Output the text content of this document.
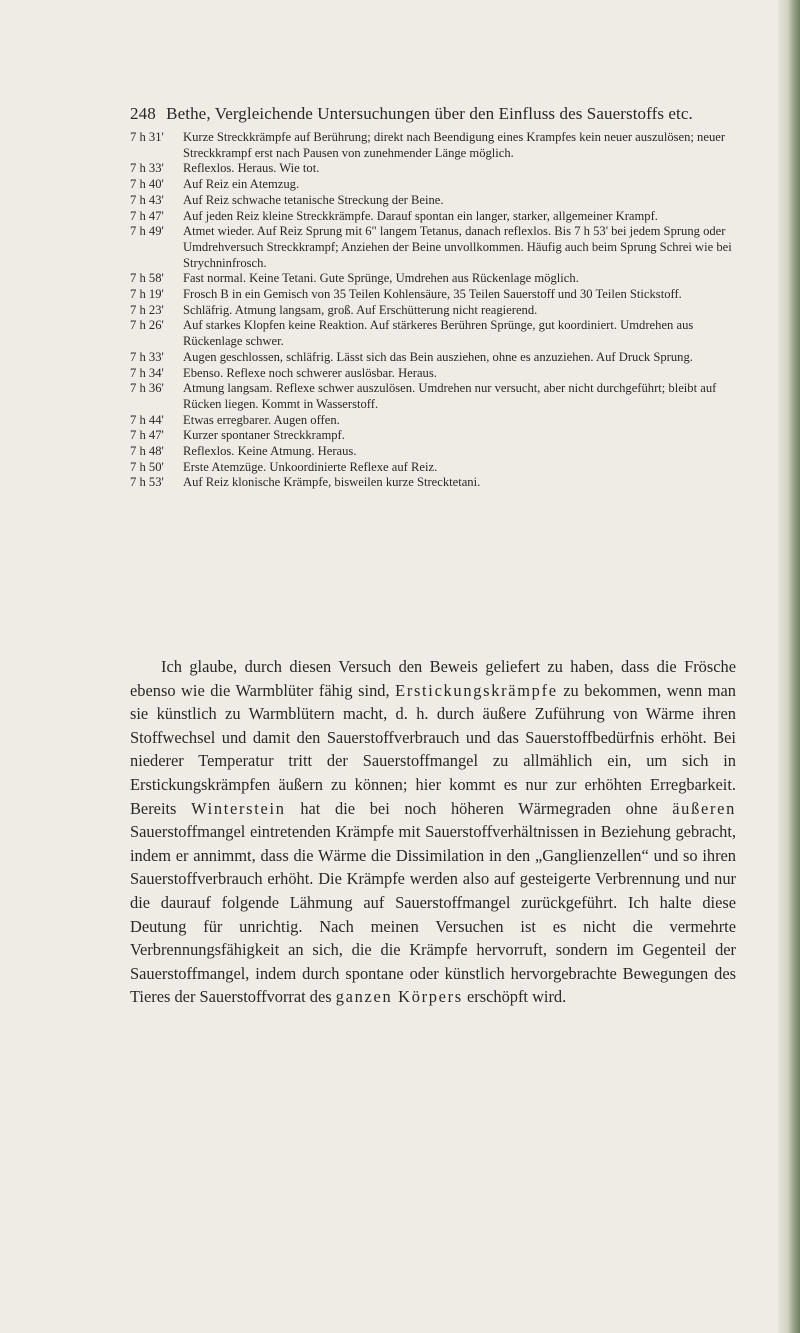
248 Bethe, Vergleichende Untersuchungen über den Einfluss des Sauerstoffs etc.
7 h 31'	Kurze Streckkrämpfe auf Berührung; direkt nach Beendigung eines Krampfes kein neuer auszulösen; neuer Streckkrampf erst nach Pausen von zunehmender Länge möglich.
7 h 33'	Reflexlos. Heraus. Wie tot.
7 h 40'	Auf Reiz ein Atemzug.
7 h 43'	Auf Reiz schwache tetanische Streckung der Beine.
7 h 47'	Auf jeden Reiz kleine Streckkrämpfe. Darauf spontan ein langer, starker, allgemeiner Krampf.
7 h 49'	Atmet wieder. Auf Reiz Sprung mit 6" langem Tetanus, danach reflexlos. Bis 7 h 53' bei jedem Sprung oder Umdrehversuch Streckkrampf; Anziehen der Beine unvollkommen. Häufig auch beim Sprung Schrei wie bei Strychninfrosch.
7 h 58'	Fast normal. Keine Tetani. Gute Sprünge, Umdrehen aus Rückenlage möglich.
7 h 19'	Frosch B in ein Gemisch von 35 Teilen Kohlensäure, 35 Teilen Sauerstoff und 30 Teilen Stickstoff.
7 h 23'	Schläfrig. Atmung langsam, groß. Auf Erschütterung nicht reagierend.
7 h 26'	Auf starkes Klopfen keine Reaktion. Auf stärkeres Berühren Sprünge, gut koordiniert. Umdrehen aus Rückenlage schwer.
7 h 33'	Augen geschlossen, schläfrig. Lässt sich das Bein ausziehen, ohne es anzuziehen. Auf Druck Sprung.
7 h 34'	Ebenso. Reflexe noch schwerer auslösbar. Heraus.
7 h 36'	Atmung langsam. Reflexe schwer auszulösen. Umdrehen nur versucht, aber nicht durchgeführt; bleibt auf Rücken liegen. Kommt in Wasserstoff.
7 h 44'	Etwas erregbarer. Augen offen.
7 h 47'	Kurzer spontaner Streckkrampf.
7 h 48'	Reflexlos. Keine Atmung. Heraus.
7 h 50'	Erste Atemzüge. Unkoordinierte Reflexe auf Reiz.
7 h 53'	Auf Reiz klonische Krämpfe, bisweilen kurze Strecktetani.

Ich glaube, durch diesen Versuch den Beweis geliefert zu haben, dass die Frösche ebenso wie die Warmblüter fähig sind, Erstickungskrämpfe zu bekommen, wenn man sie künstlich zu Warmblütern macht, d. h. durch äußere Zuführung von Wärme ihren Stoffwechsel und damit den Sauerstoffverbrauch und das Sauerstoffbedürfnis erhöht. Bei niederer Temperatur tritt der Sauerstoffmangel zu allmählich ein, um sich in Erstickungskrämpfen äußern zu können; hier kommt es nur zur erhöhten Erregbarkeit. Bereits Winterstein hat die bei noch höheren Wärmegraden ohne äußeren Sauerstoffmangel eintretenden Krämpfe mit Sauerstoffverhältnissen in Beziehung gebracht, indem er annimmt, dass die Wärme die Dissimilation in den „Ganglienzellen“ und so ihren Sauerstoffverbrauch erhöht. Die Krämpfe werden also auf gesteigerte Verbrennung und nur die daurauf folgende Lähmung auf Sauerstoffmangel zurückgeführt. Ich halte diese Deutung für unrichtig. Nach meinen Versuchen ist es nicht die vermehrte Verbrennungsfähigkeit an sich, die die Krämpfe hervorruft, sondern im Gegenteil der Sauerstoffmangel, indem durch spontane oder künstlich hervorgebrachte Bewegungen des Tieres der Sauerstoffvorrat des ganzen Körpers erschöpft wird.
